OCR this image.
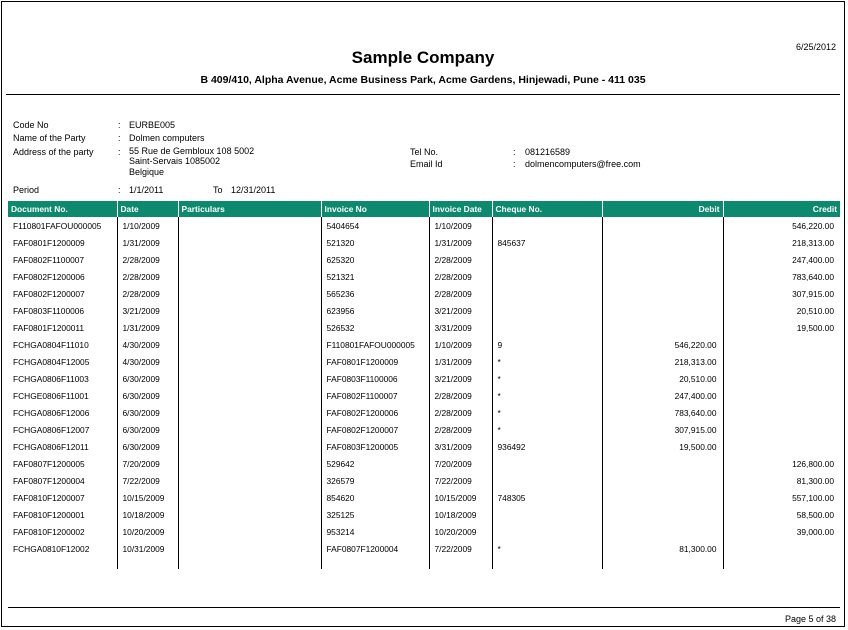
6/25/2012
Sample Company
B 409/410, Alpha Avenue, Acme Business Park, Acme Gardens, Hinjewadi, Pune - 411 035
Code No	: EURBE005
Name of the Party	: Dolmen computers
Address of the party	: 55 Rue de Gembloux 108 5002
Saint-Servais 1085002
Belgique
Tel No.	: 081216589
Email Id	: dolmencomputers@free.com
Period	: 1/1/2011	To 12/31/2011
Document No.	Date	Particulars	Invoice No	Invoice Date	Cheque No.	Debit	Credit
F110801FAFOU000005	1/10/2009		5404654	1/10/2009			546,220.00
FAF0801F1200009	1/31/2009		521320	1/31/2009	845637		218,313.00
FAF0802F1100007	2/28/2009		625320	2/28/2009			247,400.00
FAF0802F1200006	2/28/2009		521321	2/28/2009			783,640.00
FAF0802F1200007	2/28/2009		565236	2/28/2009			307,915.00
FAF0803F1100006	3/21/2009		623956	3/21/2009			20,510.00
FAF0801F1200011	1/31/2009		526532	3/31/2009			19,500.00
FCHGA0804F11010	4/30/2009		F110801FAFOU000005	1/10/2009	9	546,220.00	
FCHGA0804F12005	4/30/2009		FAF0801F1200009	1/31/2009	*	218,313.00	
FCHGA0806F11003	6/30/2009		FAF0803F1100006	3/21/2009	*	20,510.00	
FCHGE0806F11001	6/30/2009		FAF0802F1100007	2/28/2009	*	247,400.00	
FCHGA0806F12006	6/30/2009		FAF0802F1200006	2/28/2009	*	783,640.00	
FCHGA0806F12007	6/30/2009		FAF0802F1200007	2/28/2009	*	307,915.00	
FCHGA0806F12011	6/30/2009		FAF0803F1200005	3/31/2009	936492	19,500.00	
FAF0807F1200005	7/20/2009		529642	7/20/2009			126,800.00
FAF0807F1200004	7/22/2009		326579	7/22/2009			81,300.00
FAF0810F1200007	10/15/2009		854620	10/15/2009	748305		557,100.00
FAF0810F1200001	10/18/2009		325125	10/18/2009			58,500.00
FAF0810F1200002	10/20/2009		953214	10/20/2009			39,000.00
FCHGA0810F12002	10/31/2009		FAF0807F1200004	7/22/2009	*	81,300.00	

Page 5 of 38
